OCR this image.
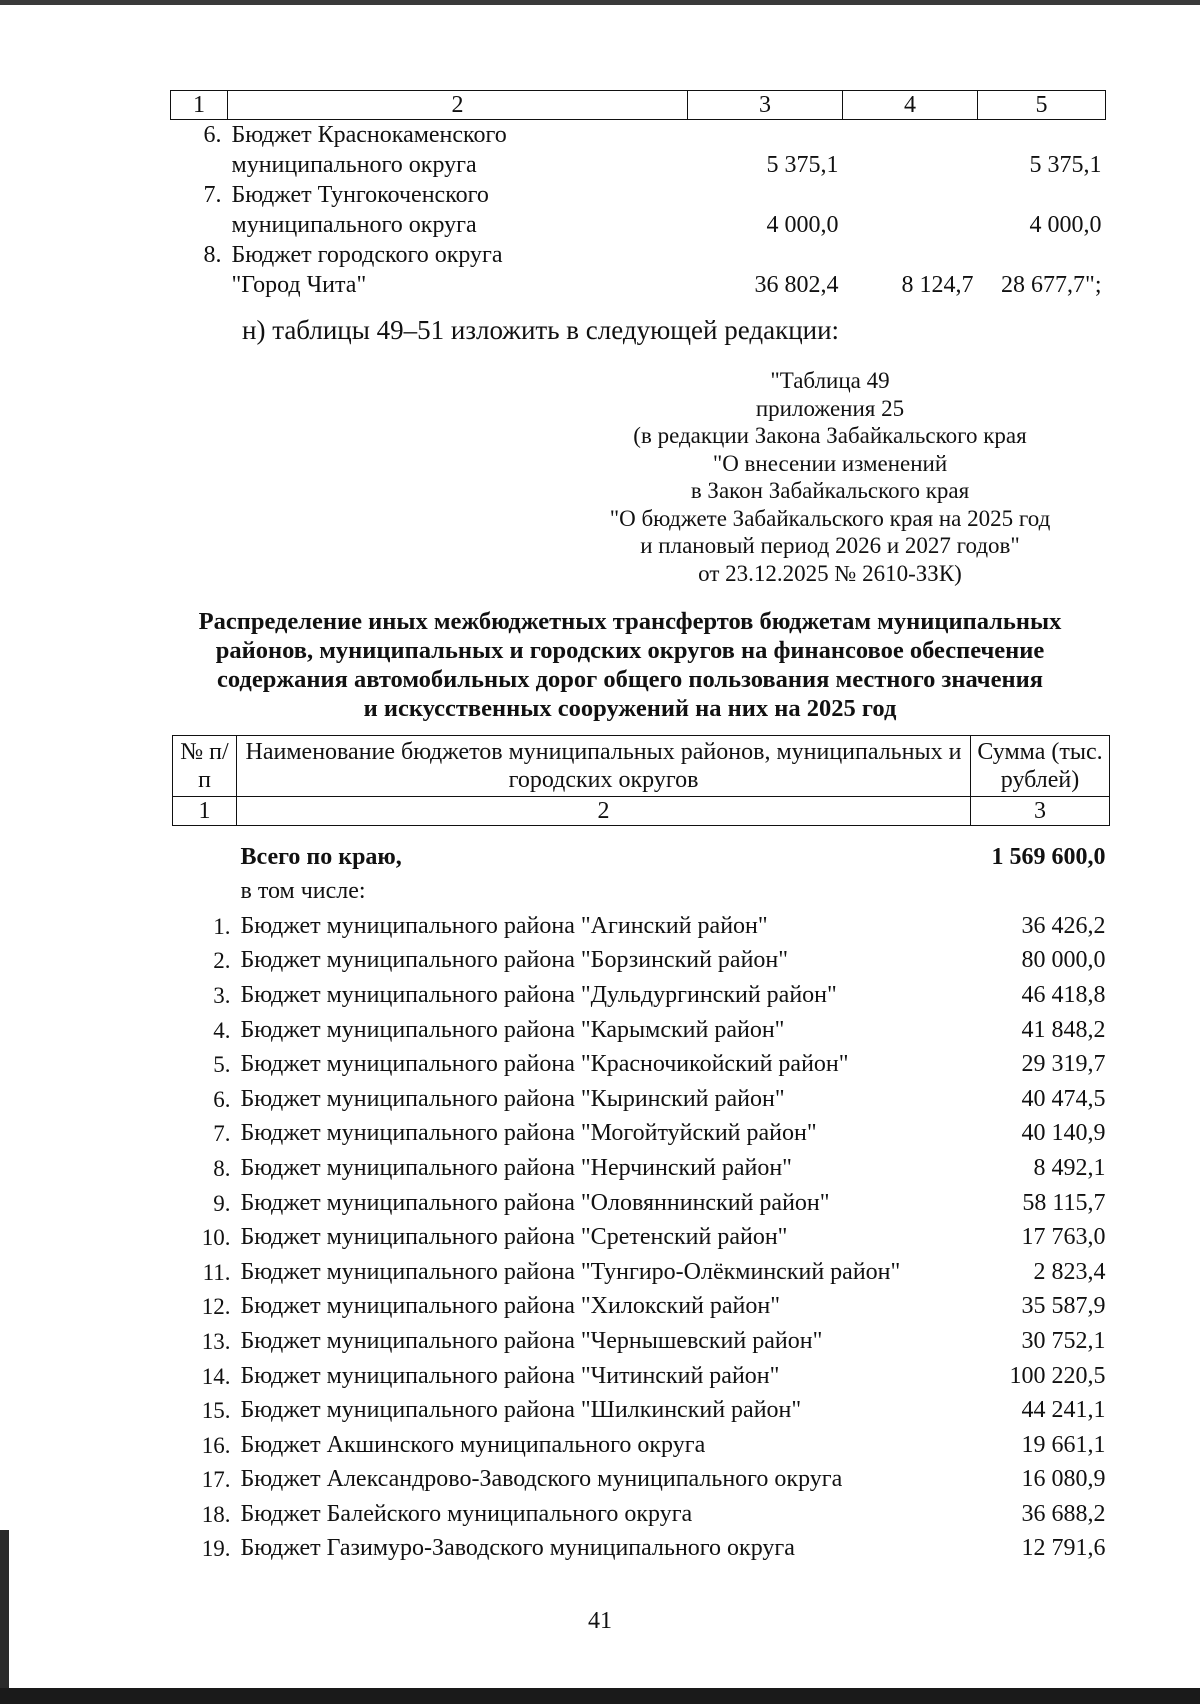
1	2	3	4	5
6.	Бюджет Краснокаменского			
	муниципального округа	5 375,1		5 375,1
7.	Бюджет Тунгокоченского			
	муниципального округа	4 000,0		4 000,0
8.	Бюджет городского округа			
	"Город Чита"	36 802,4	8 124,7	28 677,7";
н) таблицы 49–51 изложить в следующей редакции:
"Таблица 49
приложения 25
(в редакции Закона Забайкальского края
"О внесении изменений
в Закон Забайкальского края
"О бюджете Забайкальского края на 2025 год
и плановый период 2026 и 2027 годов"
от 23.12.2025 № 2610-ЗЗК)
Распределение иных межбюджетных трансфертов бюджетам муниципальных
районов, муниципальных и городских округов на финансовое обеспечение
содержания автомобильных дорог общего пользования местного значения
и искусственных сооружений на них на 2025 год
№ п/п	Наименование бюджетов муниципальных районов, муниципальных и городских округов	Сумма (тыс. рублей)
1	2	3

	Всего по краю,	1 569 600,0
	в том числе:	
1.	Бюджет муниципального района "Агинский район"	36 426,2
2.	Бюджет муниципального района "Борзинский район"	80 000,0
3.	Бюджет муниципального района "Дульдургинский район"	46 418,8
4.	Бюджет муниципального района "Карымский район"	41 848,2
5.	Бюджет муниципального района "Красночикойский район"	29 319,7
6.	Бюджет муниципального района "Кыринский район"	40 474,5
7.	Бюджет муниципального района "Могойтуйский район"	40 140,9
8.	Бюджет муниципального района "Нерчинский район"	8 492,1
9.	Бюджет муниципального района "Оловяннинский район"	58 115,7
10.	Бюджет муниципального района "Сретенский район"	17 763,0
11.	Бюджет муниципального района "Тунгиро-Олёкминский район"	2 823,4
12.	Бюджет муниципального района "Хилокский район"	35 587,9
13.	Бюджет муниципального района "Чернышевский район"	30 752,1
14.	Бюджет муниципального района "Читинский район"	100 220,5
15.	Бюджет муниципального района "Шилкинский район"	44 241,1
16.	Бюджет Акшинского муниципального округа	19 661,1
17.	Бюджет Александрово-Заводского муниципального округа	16 080,9
18.	Бюджет Балейского муниципального округа	36 688,2
19.	Бюджет Газимуро-Заводского муниципального округа	12 791,6
41
